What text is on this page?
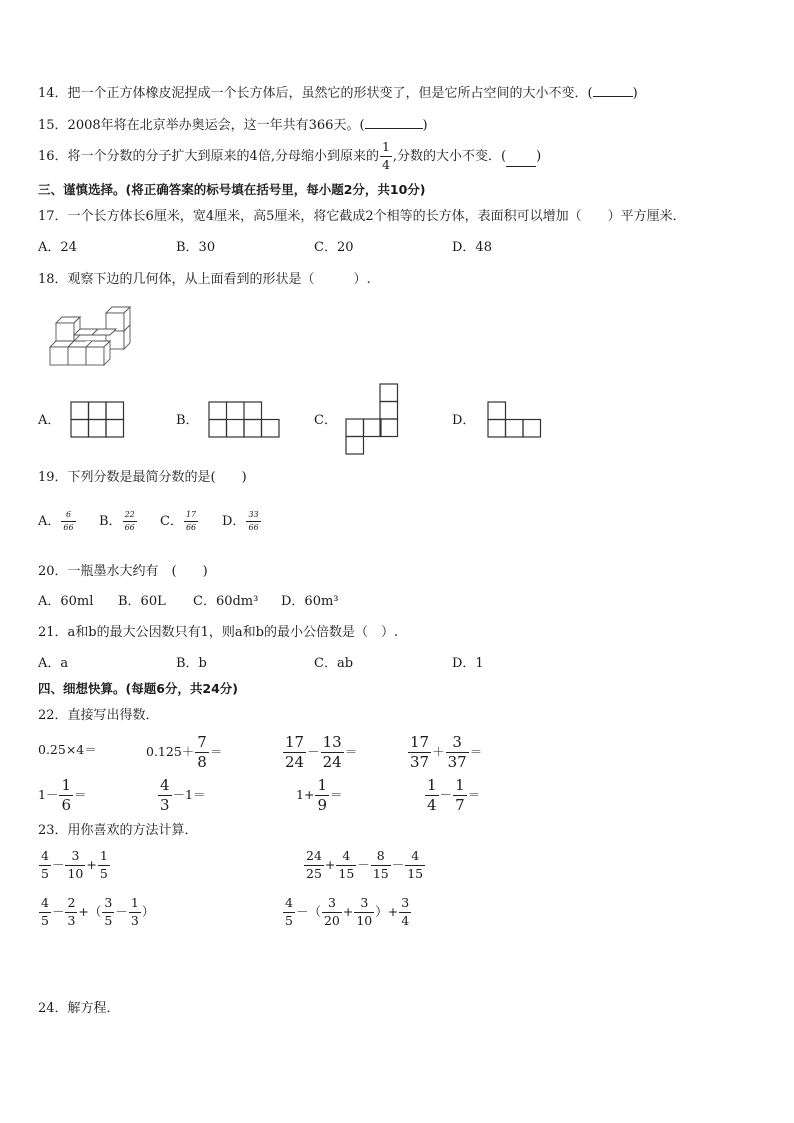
14．把一个正方体橡皮泥捏成一个长方体后，虽然它的形状变了，但是它所占空间的大小不变．(	)
15．2008年将在北京举办奥运会，这一年共有366天。(	)
16．将一个分数的分子扩大到原来的4倍,分母缩小到原来的 $\frac{1}{4}$ ,分数的大小不变．( )
三、谨慎选择。(将正确答案的标号填在括号里，每小题2分，共10分)
17．一个长方体长6厘米，宽4厘米，高5厘米，将它截成2个相等的长方体，表面积可以增加（　　）平方厘米．
A．24	B．30	C．20	D．48
18．观察下边的几何体，从上面看到的形状是（　　　）.
A．	B．	C．	D．
19．下列分数是最简分数的是(　　)
A． $\frac{6}{66}$ B． $\frac{22}{66}$ C． $\frac{17}{66}$ D． $\frac{33}{66}$
20．一瓶墨水大约有　(　　)
A．60ml B．60L C．60dm³ D．60m³
21．a和b的最大公因数只有1，则a和b的最小公倍数是（　）.
A．a	B．b	C．ab	D．1
四、细想快算。(每题6分，共24分)
22．直接写出得数．
0.25×4＝	$0.125+ \frac{7}{8}$ ＝	$\frac{17}{24} - \frac{13}{24}$ ＝	$\frac{17}{37} + \frac{3}{37}$ ＝
$1- \frac{1}{6}$ ＝	$\frac{4}{3} -1=$	$1+ \frac{1}{9}$ ＝	$\frac{1}{4} - \frac{1}{7}$ ＝
23．用你喜欢的方法计算．
$\frac{4}{5} - \frac{3}{10} + \frac{1}{5}$	$\frac{24}{25} + \frac{4}{15} - \frac{8}{15} - \frac{4}{15}$
$\frac{4}{5} - \frac{2}{3}$ +（ $\frac{3}{5} - \frac{1}{3}$ ）	$\frac{4}{5}$ －（ $\frac{3}{20} + \frac{3}{10}$ ）+ $\frac{3}{4}$
24．解方程．
